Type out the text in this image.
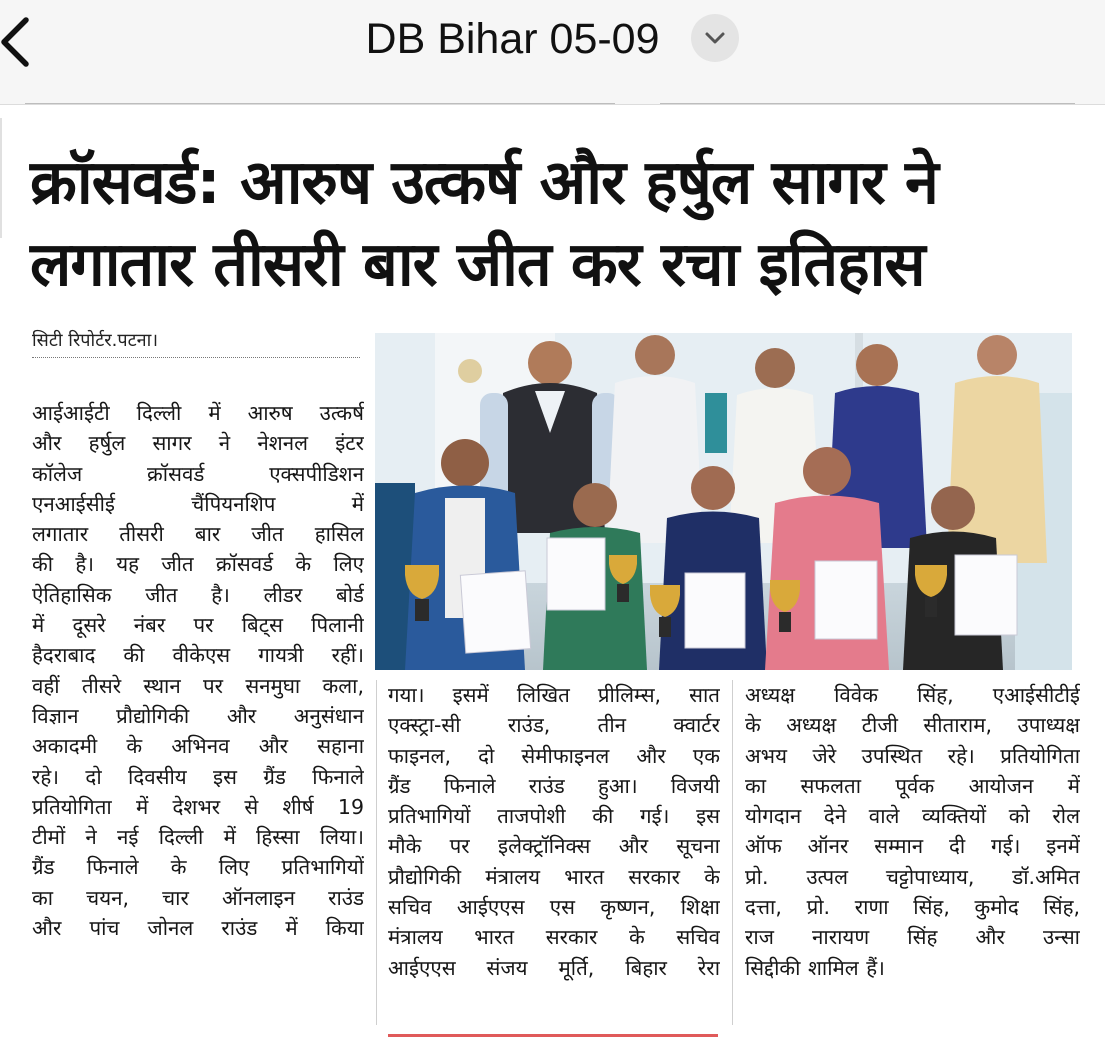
DB Bihar 05-09
क्रॉसवर्ड: आरुष उत्कर्ष और हर्षुल सागर ने
लगातार तीसरी बार जीत कर रचा इतिहास
सिटी रिपोर्टर.पटना।
आईआईटी दिल्ली में आरुष उत्कर्ष
और हर्षुल सागर ने नेशनल इंटर
कॉलेज क्रॉसवर्ड एक्सपीडिशन
एनआईसीई चैंपियनशिप में
लगातार तीसरी बार जीत हासिल
की है। यह जीत क्रॉसवर्ड के लिए
ऐतिहासिक जीत है। लीडर बोर्ड
में दूसरे नंबर पर बिट्स पिलानी
हैदराबाद की वीकेएस गायत्री रहीं।
वहीं तीसरे स्थान पर सनमुघा कला,
विज्ञान प्रौद्योगिकी और अनुसंधान
अकादमी के अभिनव और सहाना
रहे। दो दिवसीय इस ग्रैंड फिनाले
प्रतियोगिता में देशभर से शीर्ष 19
टीमों ने नई दिल्ली में हिस्सा लिया।
ग्रैंड फिनाले के लिए प्रतिभागियों
का चयन, चार ऑनलाइन राउंड
और पांच जोनल राउंड में किया
गया। इसमें लिखित प्रीलिम्स, सात
एक्स्ट्रा-सी राउंड, तीन क्वार्टर
फाइनल, दो सेमीफाइनल और एक
ग्रैंड फिनाले राउंड हुआ। विजयी
प्रतिभागियों ताजपोशी की गई। इस
मौके पर इलेक्ट्रॉनिक्स और सूचना
प्रौद्योगिकी मंत्रालय भारत सरकार के
सचिव आईएएस एस कृष्णन, शिक्षा
मंत्रालय भारत सरकार के सचिव
आईएएस संजय मूर्ति, बिहार रेरा
अध्यक्ष विवेक सिंह, एआईसीटीई
के अध्यक्ष टीजी सीताराम, उपाध्यक्ष
अभय जेरे उपस्थित रहे। प्रतियोगिता
का सफलता पूर्वक आयोजन में
योगदान देने वाले व्यक्तियों को रोल
ऑफ ऑनर सम्मान दी गई। इनमें
प्रो. उत्पल चट्टोपाध्याय, डॉ.अमित
दत्ता, प्रो. राणा सिंह, कुमोद सिंह,
राज नारायण सिंह और उन्सा
सिद्दीकी शामिल हैं।
